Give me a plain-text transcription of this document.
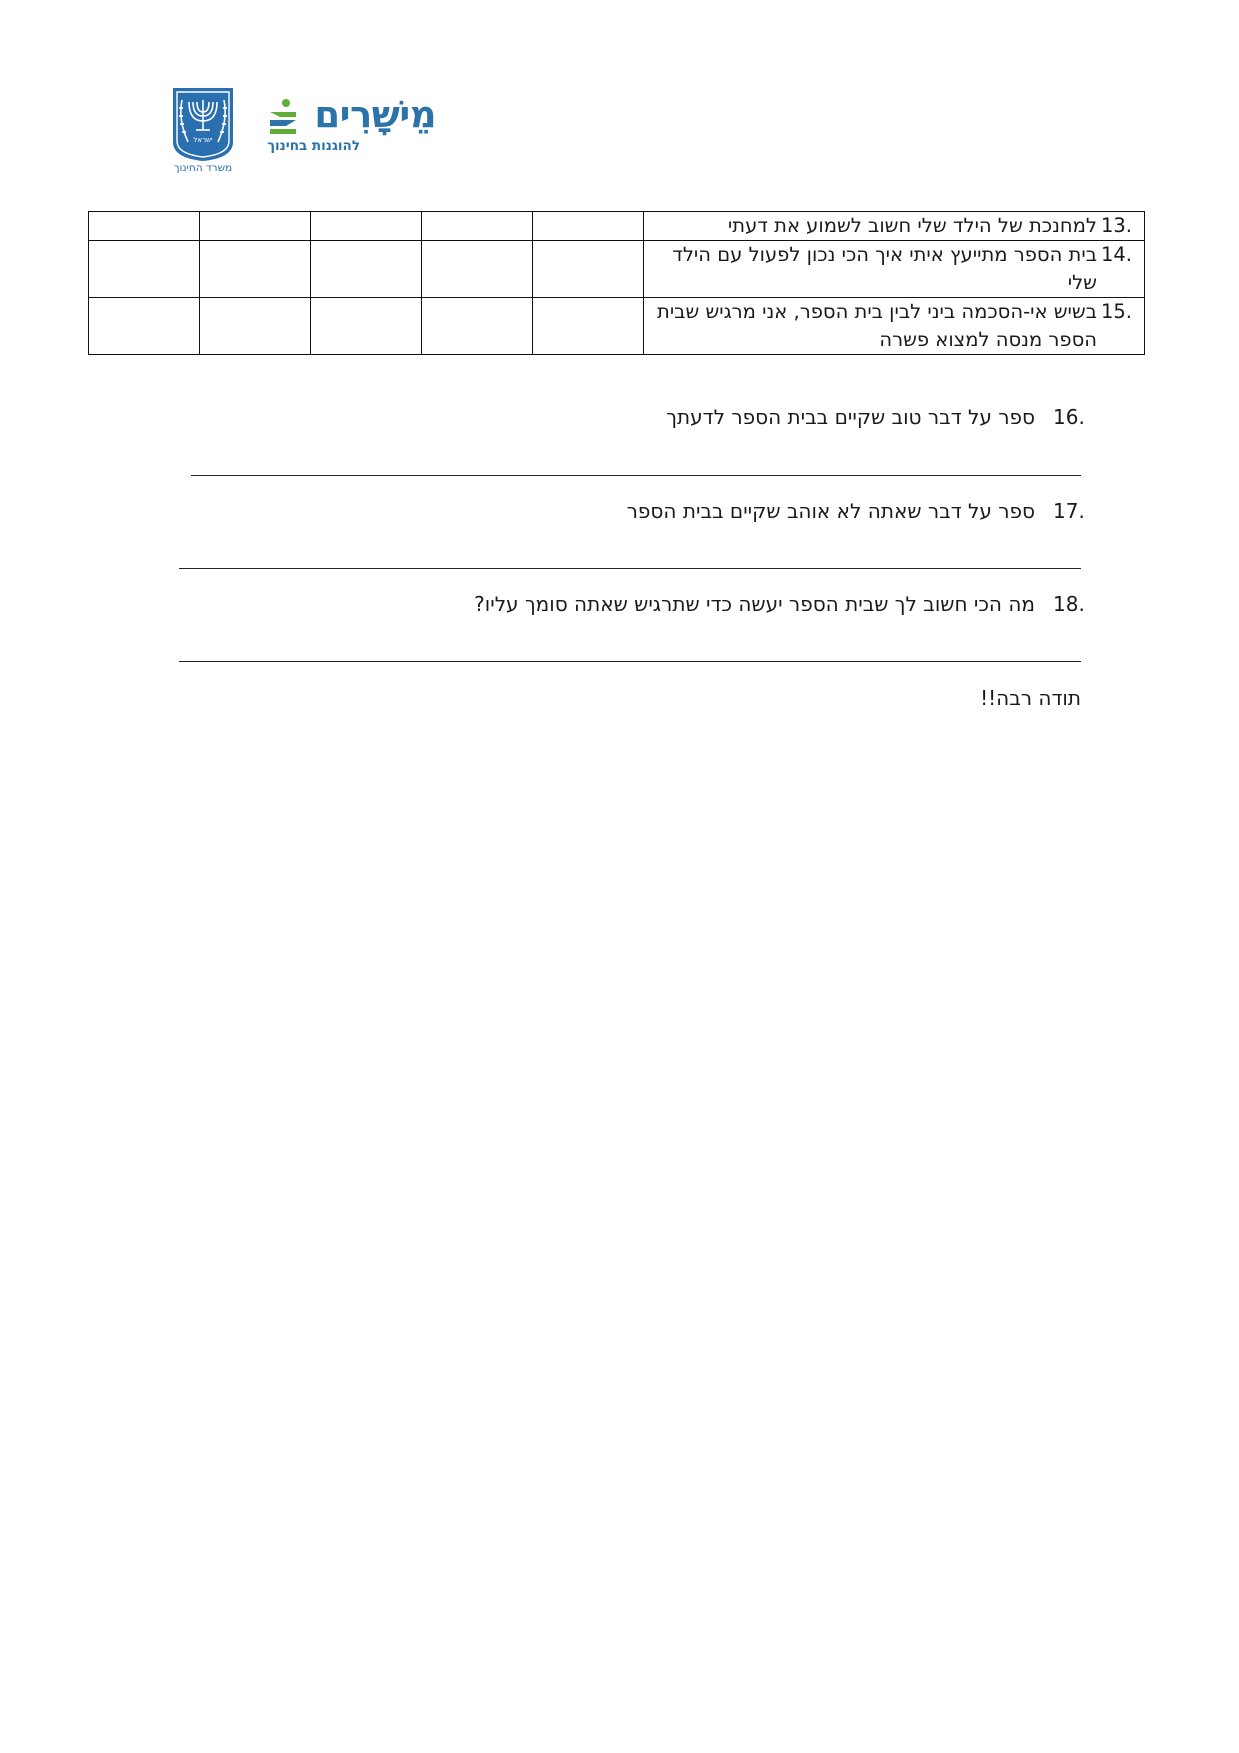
ישראל
משרד החינוך
מֵישָׁרִים
להוגנות בחינוך

					13 .
למחנכת של הילד שלי חשוב לשמוע את דעתי

					14 .
בית הספר מתייעץ איתי איך הכי נכון לפעול עם הילד שלי

					15 .
בשיש אי-הסכמה ביני לבין בית הספר, אני מרגיש שבית הספר מנסה למצוא פשרה
16 .
ספר על דבר טוב שקיים בבית הספר לדעתך
17 .
ספר על דבר שאתה לא אוהב שקיים בבית הספר
18 .
מה הכי חשוב לך שבית הספר יעשה כדי שתרגיש שאתה סומך עליו?
תודה רבה!!
